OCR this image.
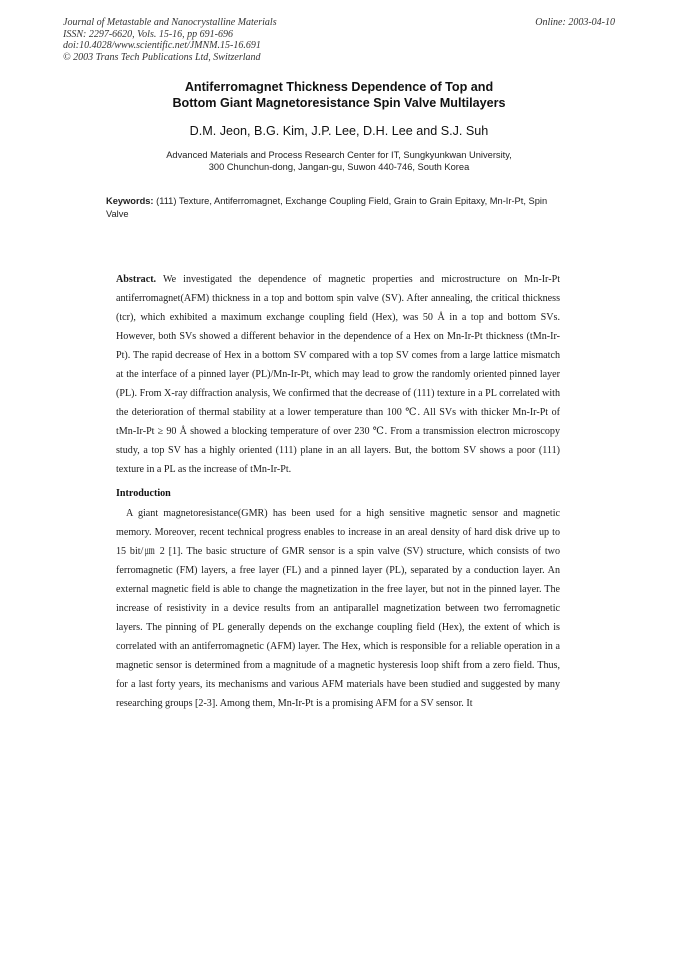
Journal of Metastable and Nanocrystalline Materials
ISSN: 2297-6620, Vols. 15-16, pp 691-696
doi:10.4028/www.scientific.net/JMNM.15-16.691
© 2003 Trans Tech Publications Ltd, Switzerland
Online: 2003-04-10
Antiferromagnet Thickness Dependence of Top and
Bottom Giant Magnetoresistance Spin Valve Multilayers
D.M. Jeon, B.G. Kim, J.P. Lee, D.H. Lee and S.J. Suh
Advanced Materials and Process Research Center for IT, Sungkyunkwan University,
300 Chunchun-dong, Jangan-gu, Suwon 440-746, South Korea
Keywords: (111) Texture, Antiferromagnet, Exchange Coupling Field, Grain to Grain Epitaxy, Mn-Ir-Pt, Spin Valve

Abstract. We investigated the dependence of magnetic properties and microstructure on Mn-Ir-Pt antiferromagnet(AFM) thickness in a top and bottom spin valve (SV). After annealing, the critical thickness (tcr), which exhibited a maximum exchange coupling field (Hex), was 50 Å in a top and bottom SVs. However, both SVs showed a different behavior in the dependence of a Hex on Mn-Ir-Pt thickness (tMn-Ir-Pt). The rapid decrease of Hex in a bottom SV compared with a top SV comes from a large lattice mismatch at the interface of a pinned layer (PL)/Mn-Ir-Pt, which may lead to grow the randomly oriented pinned layer (PL). From X-ray diffraction analysis, We confirmed that the decrease of (111) texture in a PL correlated with the deterioration of thermal stability at a lower temperature than 100 ℃. All SVs with thicker Mn-Ir-Pt of tMn-Ir-Pt ≥ 90 Å showed a blocking temperature of over 230 ℃. From a transmission electron microscopy study, a top SV has a highly oriented (111) plane in an all layers. But, the bottom SV shows a poor (111) texture in a PL as the increase of tMn-Ir-Pt.

Introduction

A giant magnetoresistance(GMR) has been used for a high sensitive magnetic sensor and magnetic memory. Moreover, recent technical progress enables to increase in an areal density of hard disk drive up to 15 bit/㎛ 2 [1]. The basic structure of GMR sensor is a spin valve (SV) structure, which consists of two ferromagnetic (FM) layers, a free layer (FL) and a pinned layer (PL), separated by a conduction layer. An external magnetic field is able to change the magnetization in the free layer, but not in the pinned layer. The increase of resistivity in a device results from an antiparallel magnetization between two ferromagnetic layers. The pinning of PL generally depends on the exchange coupling field (Hex), the extent of which is correlated with an antiferromagnetic (AFM) layer. The Hex, which is responsible for a reliable operation in a magnetic sensor is determined from a magnitude of a magnetic hysteresis loop shift from a zero field. Thus, for a last forty years, its mechanisms and various AFM materials have been studied and suggested by many researching groups [2-3]. Among them, Mn-Ir-Pt is a promising AFM for a SV sensor. It
